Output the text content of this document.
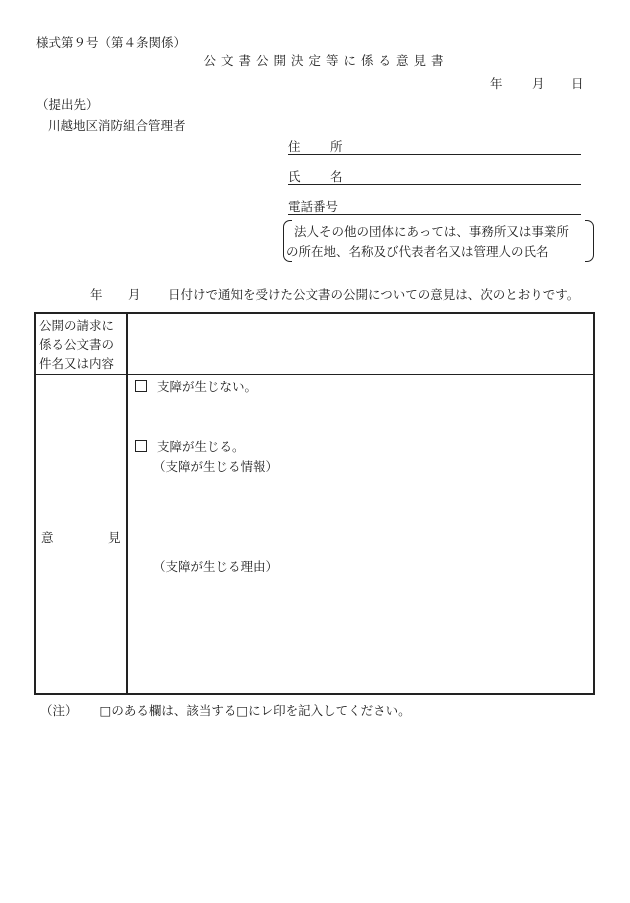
様式第９号（第４条関係）
公文書公開決定等に係る意見書
年 月 日
（提出先）
川越地区消防組合管理者
住 所
氏 名
電話番号
法人その他の団体にあっては、事務所又は事業所
の所在地、名称及び代表者名又は管理人の氏名
年 月 日付けで通知を受けた公文書の公開についての意見は、次のとおりです。
公開の請求に
係る公文書の
件名又は内容
意	見
支障が生じない。
支障が生じる。
（支障が生じる情報）
（支障が生じる理由）
（注） □のある欄は、該当する□にレ印を記入してください。
